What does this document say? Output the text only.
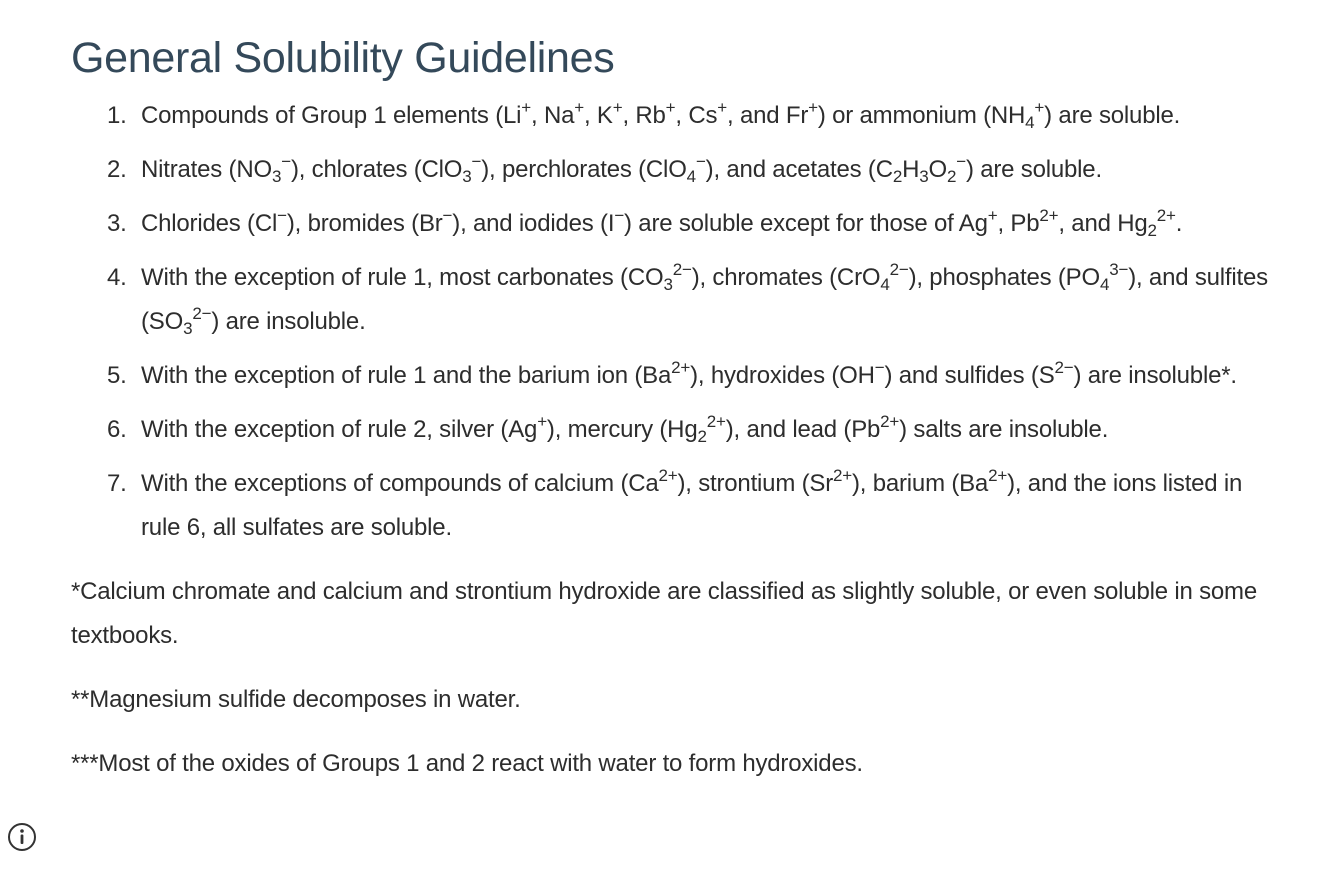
General Solubility Guidelines
1. Compounds of Group 1 elements (Li+, Na+, K+, Rb+, Cs+, and Fr+) or ammonium $(NH_4^+)$ are soluble.
2. Nitrates $(NO_3^-)$, chlorates (ClO$_3$−), perchlorates (ClO$_4$−), and acetates $(C_2H_3O_2^-)$ are soluble.
3. Chlorides (Cl−), bromides (Br−), and iodides (I−) are soluble except for those of Ag+, $Pb^{2+}$, and $Hg_2^{2+}$.
4. With the exception of rule 1, most carbonates $(CO_3^{2-})$, chromates (CrO$_4^{2-}$), phosphates $(PO_4^{3-})$, and sulfites $(SO_3^{2-})$ are insoluble.
5. With the exception of rule 1 and the barium ion $(Ba^{2+})$, hydroxides (OH−) and sulfides $(S^{2-})$ are insoluble*.
6. With the exception of rule 2, silver (Ag+), mercury $(Hg_2^{2+})$, and lead $(Pb^{2+})$ salts are insoluble.
7. With the exceptions of compounds of calcium $(Ca^{2+})$, strontium $(Sr^{2+})$, barium $(Ba^{2+})$, and the ions listed in rule 6, all sulfates are soluble.

*Calcium chromate and calcium and strontium hydroxide are classified as slightly soluble, or even soluble in some textbooks.

**Magnesium sulfide decomposes in water.

***Most of the oxides of Groups 1 and 2 react with water to form hydroxides.
